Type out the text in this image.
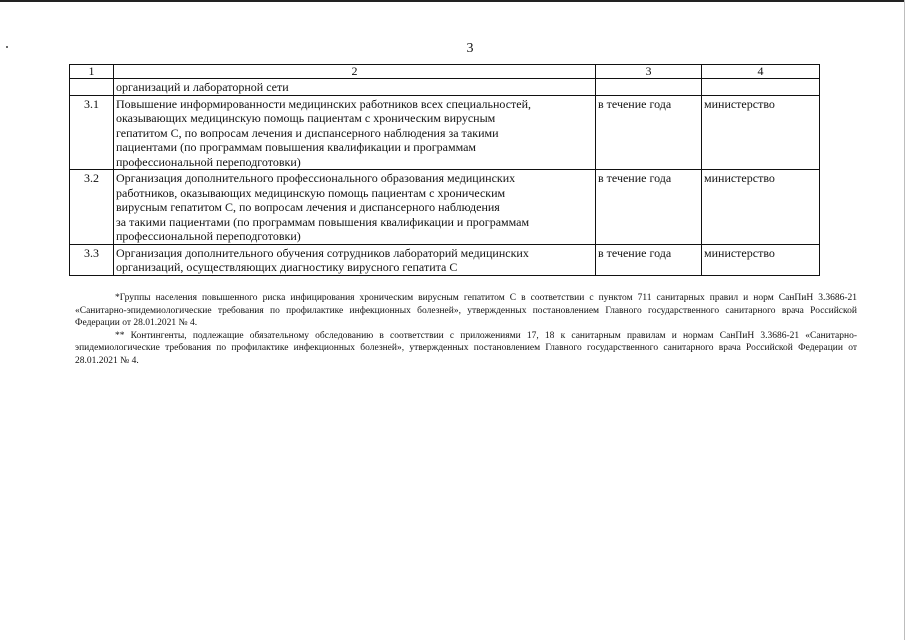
3
1	2	3	4
	организаций и лабораторной сети		
3.1	Повышение информированности медицинских работников всех специальностей,
оказывающих медицинскую помощь пациентам с хроническим вирусным
гепатитом С, по вопросам лечения и диспансерного наблюдения за такими
пациентами (по программам повышения квалификации и программам
профессиональной переподготовки)	в течение года	министерство
3.2	Организация дополнительного профессионального образования медицинских
работников, оказывающих медицинскую помощь пациентам с хроническим
вирусным гепатитом С, по вопросам лечения и диспансерного наблюдения
за такими пациентами (по программам повышения квалификации и программам
профессиональной переподготовки)	в течение года	министерство
3.3	Организация дополнительного обучения сотрудников лабораторий медицинских
организаций, осуществляющих диагностику вирусного гепатита С	в течение года	министерство

*Группы населения повышенного риска инфицирования хроническим вирусным гепатитом С в соответствии с пунктом 711 санитарных правил и норм СанПиН 3.3686-21 «Санитарно-эпидемиологические требования по профилактике инфекционных болезней», утвержденных постановлением Главного государственного санитарного врача Российской Федерации от 28.01.2021 № 4.

** Контингенты, подлежащие обязательному обследованию в соответствии с приложениями 17, 18 к санитарным правилам и нормам СанПиН 3.3686-21 «Санитарно-эпидемиологические требования по профилактике инфекционных болезней», утвержденных постановлением Главного государственного санитарного врача Российской Федерации от 28.01.2021 № 4.
